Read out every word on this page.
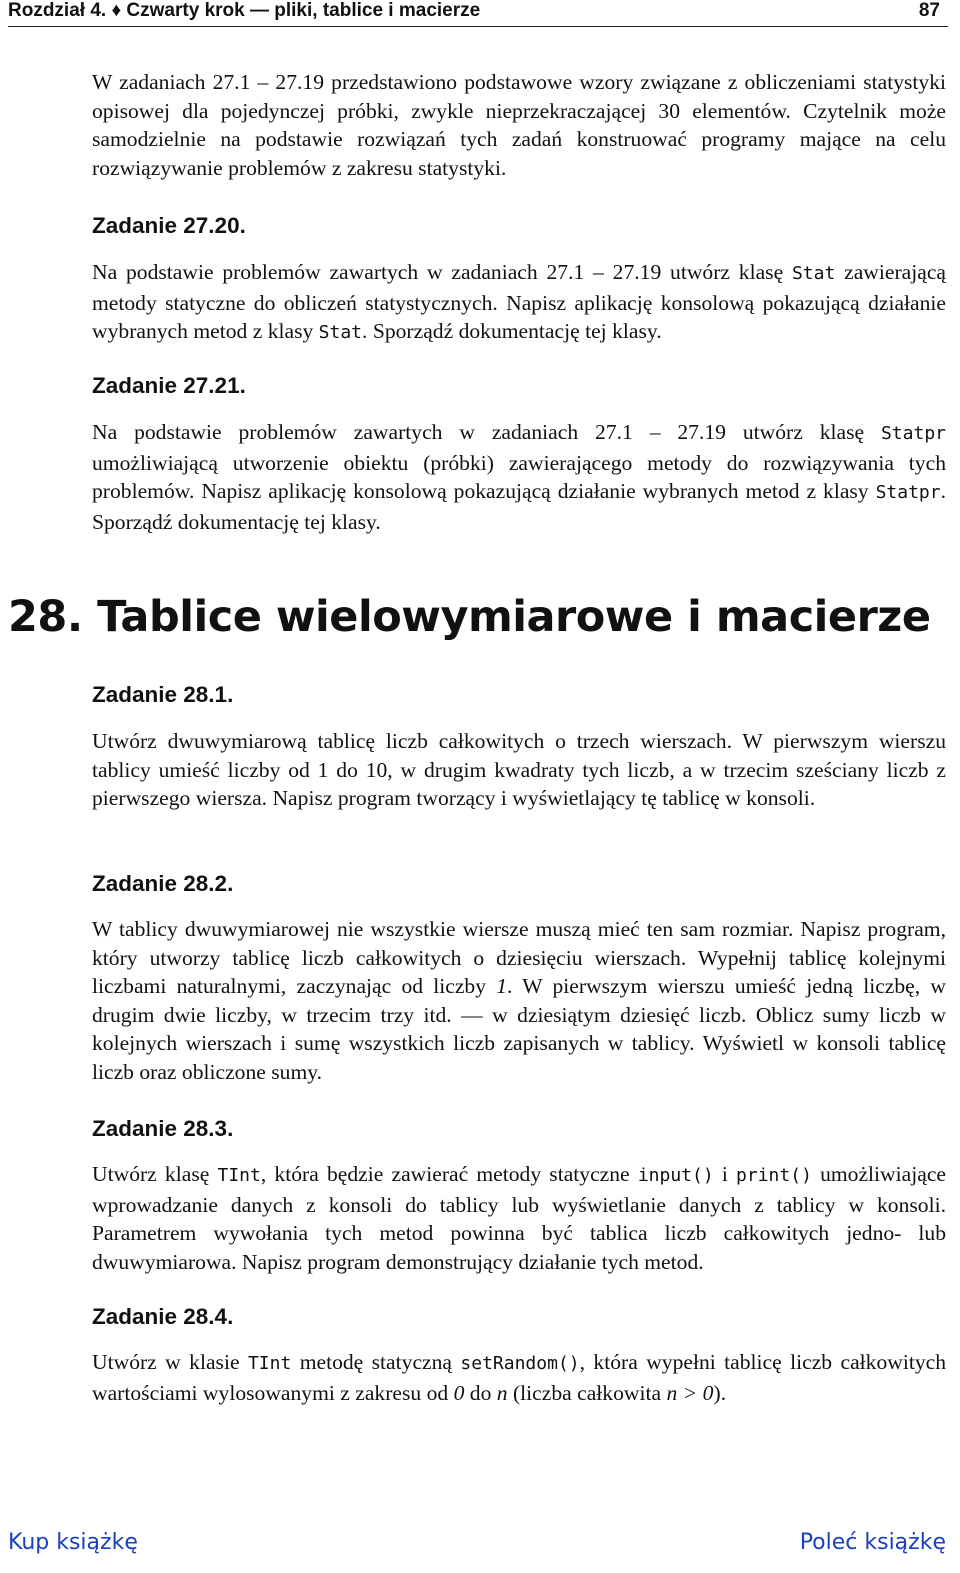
Rozdział 4. ♦ Czwarty krok — pliki, tablice i macierze	87

W zadaniach 27.1 – 27.19 przedstawiono podstawowe wzory związane z obliczeniami statystyki opisowej dla pojedynczej próbki, zwykle nieprzekraczającej 30 elementów. Czytelnik może samodzielnie na podstawie rozwiązań tych zadań konstruować programy mające na celu rozwiązywanie problemów z zakresu statystyki.

Zadanie 27.20.

Na podstawie problemów zawartych w zadaniach 27.1 – 27.19 utwórz klasę Stat zawierającą metody statyczne do obliczeń statystycznych. Napisz aplikację konsolową pokazującą działanie wybranych metod z klasy Stat. Sporządź dokumentację tej klasy.

Zadanie 27.21.

Na podstawie problemów zawartych w zadaniach 27.1 – 27.19 utwórz klasę Statpr umożliwiającą utworzenie obiektu (próbki) zawierającego metody do rozwiązywania tych problemów. Napisz aplikację konsolową pokazującą działanie wybranych metod z klasy Statpr. Sporządź dokumentację tej klasy.

28. Tablice wielowymiarowe i macierze
Zadanie 28.1.

Utwórz dwuwymiarową tablicę liczb całkowitych o trzech wierszach. W pierwszym wierszu tablicy umieść liczby od 1 do 10, w drugim kwadraty tych liczb, a w trzecim sześciany liczb z pierwszego wiersza. Napisz program tworzący i wyświetlający tę tablicę w konsoli.

Zadanie 28.2.

W tablicy dwuwymiarowej nie wszystkie wiersze muszą mieć ten sam rozmiar. Napisz program, który utworzy tablicę liczb całkowitych o dziesięciu wierszach. Wypełnij tablicę kolejnymi liczbami naturalnymi, zaczynając od liczby 1. W pierwszym wierszu umieść jedną liczbę, w drugim dwie liczby, w trzecim trzy itd. — w dziesiątym dziesięć liczb. Oblicz sumy liczb w kolejnych wierszach i sumę wszystkich liczb zapisanych w tablicy. Wyświetl w konsoli tablicę liczb oraz obliczone sumy.

Zadanie 28.3.

Utwórz klasę TInt, która będzie zawierać metody statyczne input() i print() umożliwiające wprowadzanie danych z konsoli do tablicy lub wyświetlanie danych z tablicy w konsoli. Parametrem wywołania tych metod powinna być tablica liczb całkowitych jedno- lub dwuwymiarowa. Napisz program demonstrujący działanie tych metod.

Zadanie 28.4.

Utwórz w klasie TInt metodę statyczną setRandom(), która wypełni tablicę liczb całkowitych wartościami wylosowanymi z zakresu od 0 do n (liczba całkowita n > 0).

Kup książkę	Poleć książkę
